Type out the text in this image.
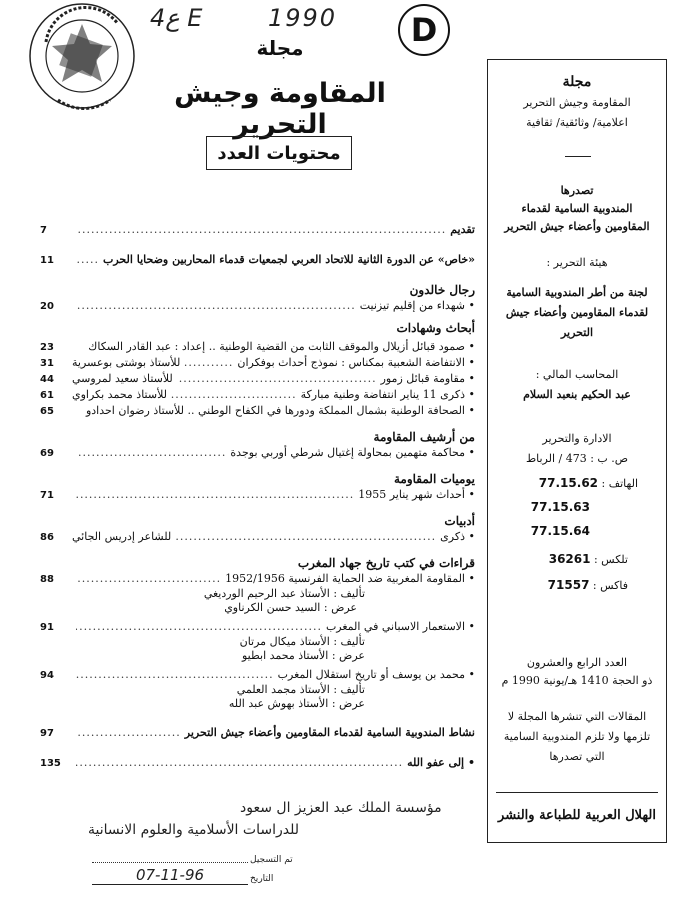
ع4 E	1990	D
مجلة
المقاومة وجيش التحرير
محتويات العدد
تقديم
.....
7
«خاص» عن الدورة الثانية للاتحاد العربي لجمعيات قدماء المحاربين وضحايا الحرب
.....
11
رجال خالدون
• شهداء من إقليم تيزنيت
.....
20
أبحاث وشهادات
• صمود قبائل أزيلال والموقف الثابت من القضية الوطنية .. إعداد : عبد القادر السكاك
23
• الانتفاضة الشعبية بمكناس : نموذج أحداث بوفكران
.....
للأستاذ بوشتى بوعسرية
31
• مقاومة قبائل زمور
.....
للأستاذ سعيد لمروسي
44
• ذكرى 11 يناير انتفاضة وطنية مباركة
.....
للأستاذ محمد بكراوي
61
• الصحافة الوطنية بشمال المملكة ودورها في الكفاح الوطني .. للأستاذ رضوان احدادو
65
من أرشيف المقاومة
• محاكمة متهمين بمحاولة إغتيال شرطي أوربي بوجدة
.....
69
يوميات المقاومة
• أحداث شهر يناير 1955
.....
71
أدبيات
• ذكرى
.....
للشاعر إدريس الجائي
86
قراءات في كتب تاريخ جهاد المغرب
• المقاومة المغربية ضد الحماية الفرنسية 1952/1956
.....
88
تأليف : الأستاذ عبد الرحيم الورديغي
عرض : السيد حسن الكرناوي
• الاستعمار الاسباني في المغرب
.....
91
تأليف : الأستاذ ميكال مرتان
عرض : الأستاذ محمد ابطيو
• محمد بن يوسف أو تاريخ استقلال المغرب
.....
94
تأليف : الأستاذ مجمد العلمي
عرض : الأستاذ بهوش عبد الله
نشاط المندوبية السامية لقدماء المقاومين وأعضاء جيش التحرير
.....
97
• إلى عفو الله
.....
135
مؤسسة الملك عبد العزيز ال سعود
للدراسات الأسلامية والعلوم الانسانية
تم التسجيل
التاريخ
07-11-96
مجلة
المقاومة وجيش التحرير
اعلامية/ وثائقية/ ثقافية
تصدرها
المندوبية السامية لقدماء
المقاومين وأعضاء جيش التحرير
هيئة التحرير :
لجنة من أطر المندوبية السامية
لقدماء المقاومين وأعضاء جيش
التحرير
المحاسب المالي :
عبد الحكيم بنعبد السلام
الادارة والتحرير
ص. ب : 473 / الرباط
الهاتف : 77.15.62
77.15.63
77.15.64
تلكس : 36261
فاكس : 71557
العدد الرابع والعشرون
ذو الحجة 1410 هـ/يونية 1990 م
المقالات التي تنشرها المجلة لا
تلزمها ولا تلزم المندوبية السامية
التي تصدرها
الهلال العربية للطباعة والنشر
